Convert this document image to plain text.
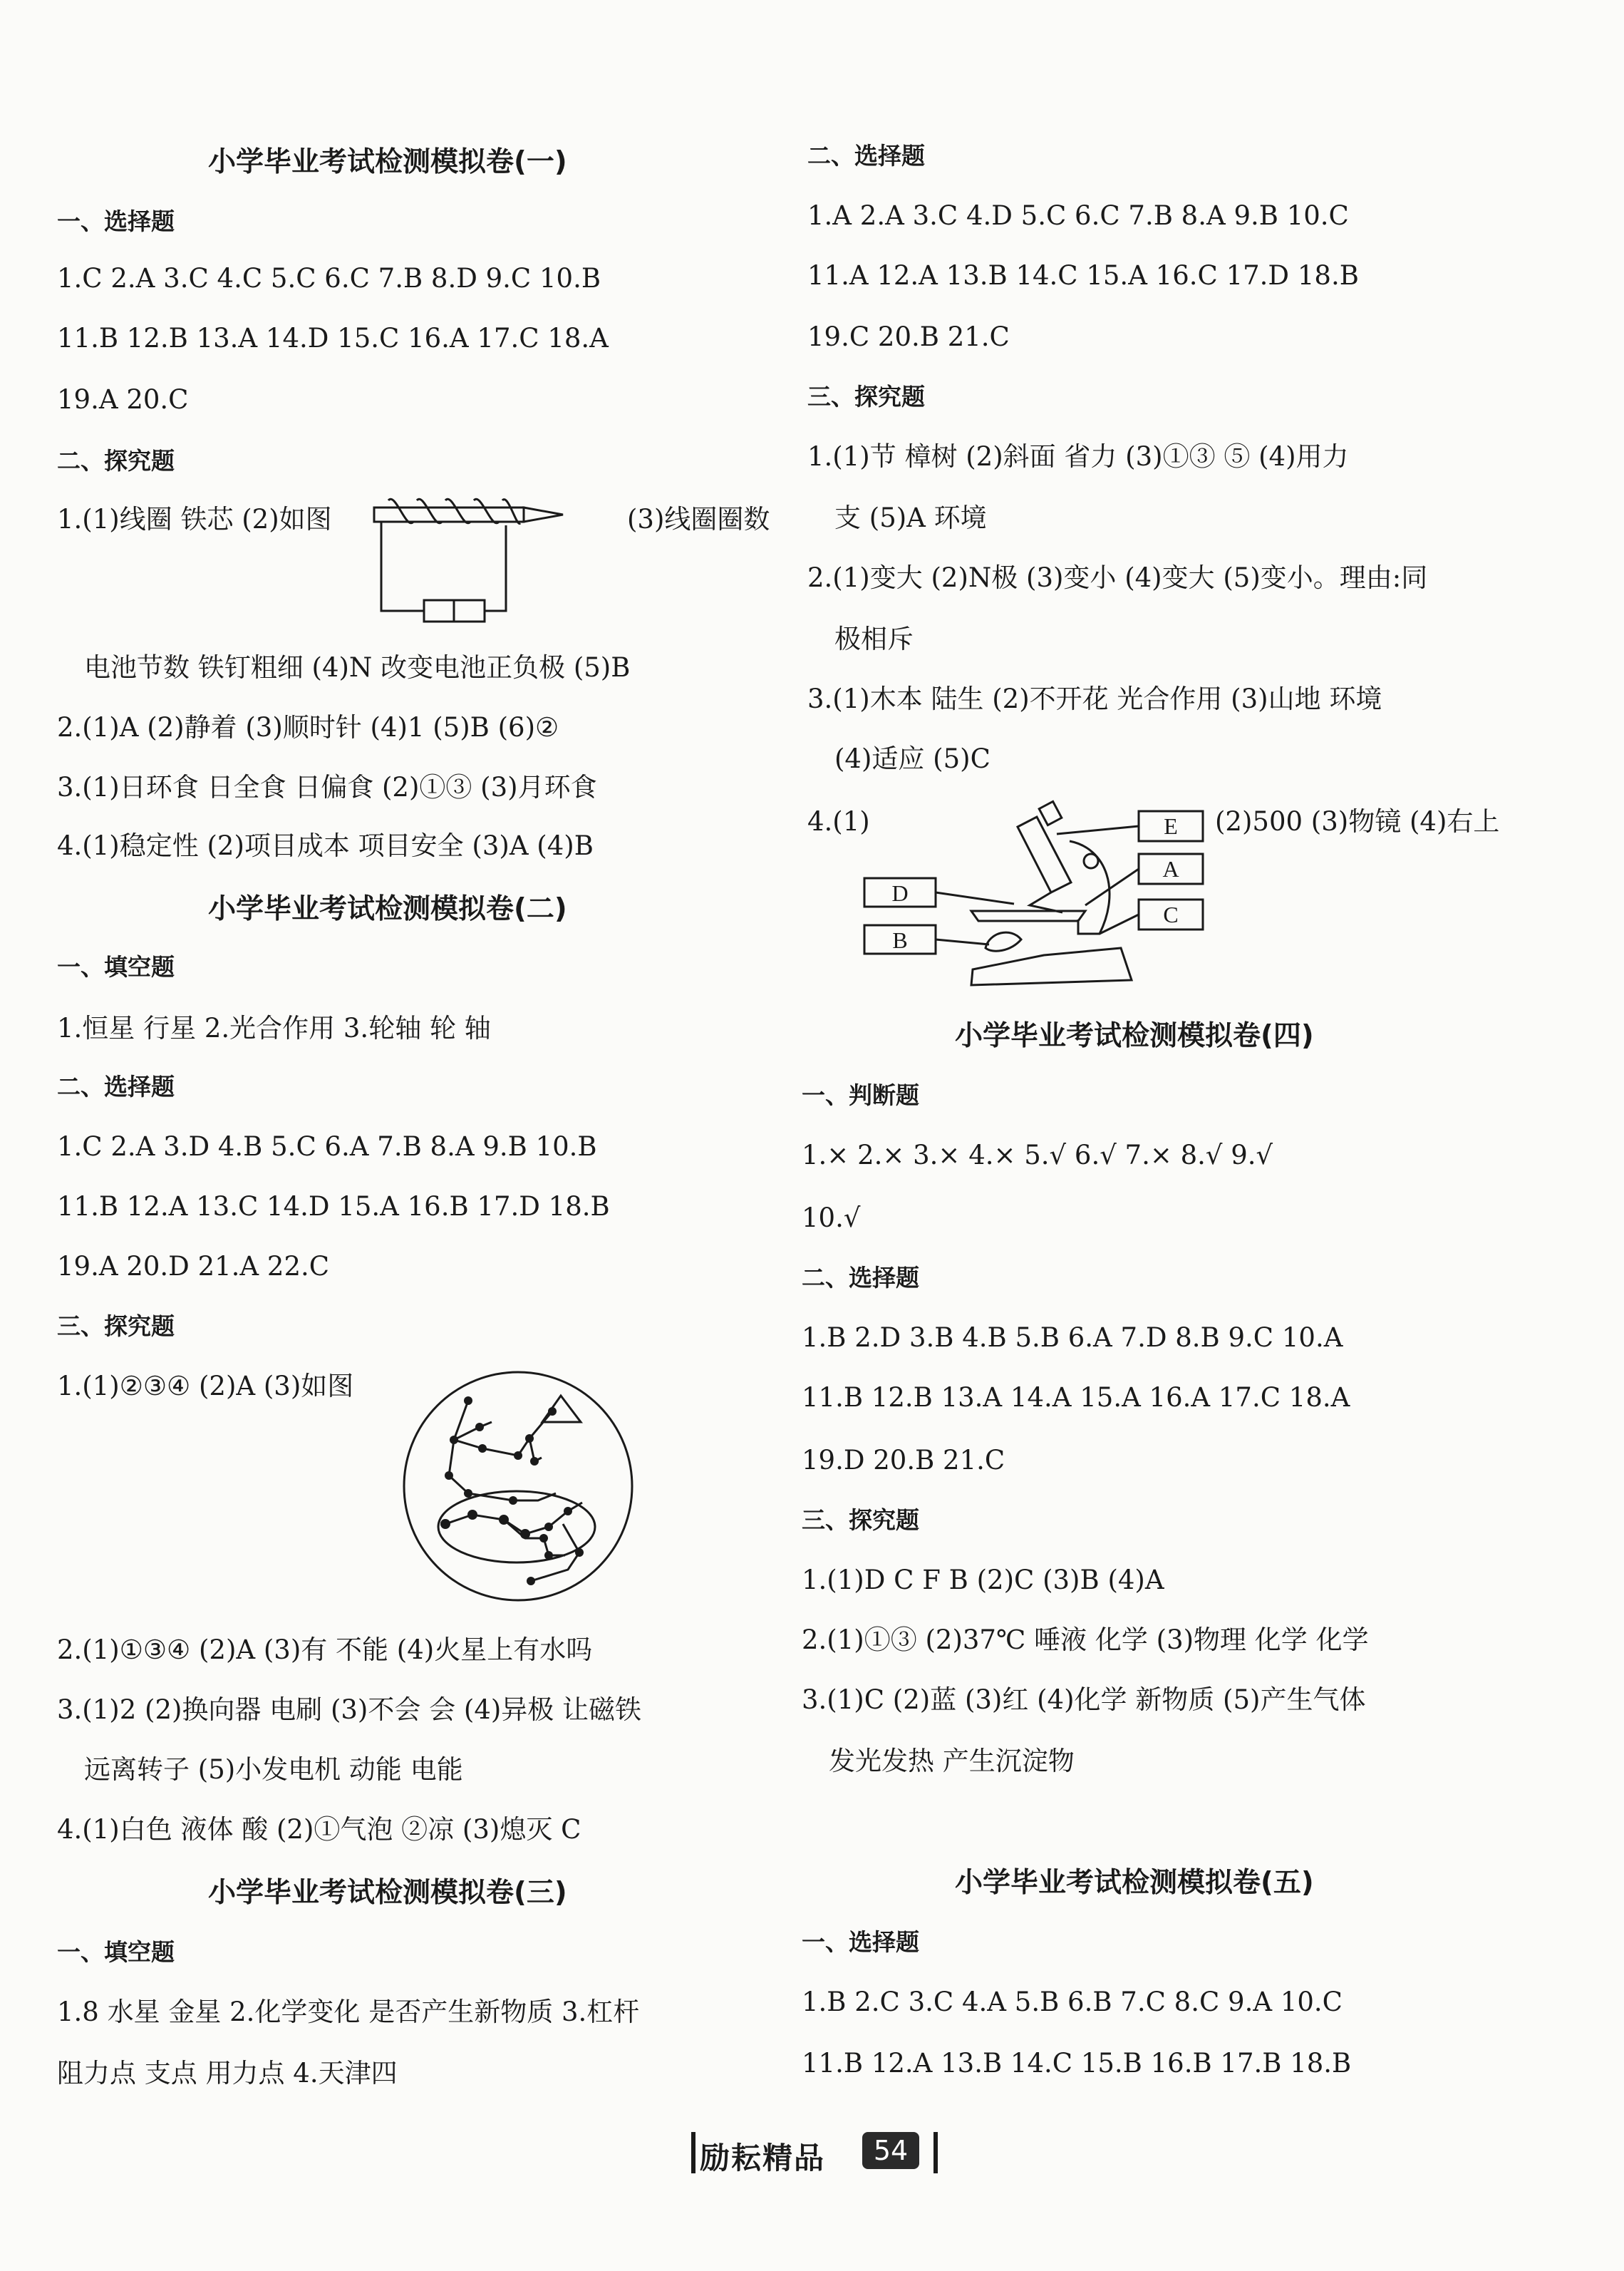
小学毕业考试检测模拟卷(一)
一、选择题
1.C 2.A 3.C 4.C 5.C 6.C 7.B 8.D 9.C 10.B
11.B 12.B 13.A 14.D 15.C 16.A 17.C 18.A
19.A 20.C
二、探究题
1.(1)线圈 铁芯 (2)如图	(3)线圈圈数
电池节数 铁钉粗细 (4)N 改变电池正负极 (5)B
2.(1)A (2)静着 (3)顺时针 (4)1 (5)B (6)②
3.(1)日环食 日全食 日偏食 (2)①③ (3)月环食
4.(1)稳定性 (2)项目成本 项目安全 (3)A (4)B
小学毕业考试检测模拟卷(二)
一、填空题
1.恒星 行星 2.光合作用 3.轮轴 轮 轴
二、选择题
1.C 2.A 3.D 4.B 5.C 6.A 7.B 8.A 9.B 10.B
11.B 12.A 13.C 14.D 15.A 16.B 17.D 18.B
19.A 20.D 21.A 22.C
三、探究题
1.(1)②③④ (2)A (3)如图
2.(1)①③④ (2)A (3)有 不能 (4)火星上有水吗
3.(1)2 (2)换向器 电刷 (3)不会 会 (4)异极 让磁铁
远离转子 (5)小发电机 动能 电能
4.(1)白色 液体 酸 (2)①气泡 ②凉 (3)熄灭 C
小学毕业考试检测模拟卷(三)
一、填空题
1.8 水星 金星 2.化学变化 是否产生新物质 3.杠杆
阻力点 支点 用力点 4.天津四
二、选择题
1.A 2.A 3.C 4.D 5.C 6.C 7.B 8.A 9.B 10.C
11.A 12.A 13.B 14.C 15.A 16.C 17.D 18.B
19.C 20.B 21.C
三、探究题
1.(1)节 樟树 (2)斜面 省力 (3)①③ ⑤ (4)用力
支 (5)A 环境
2.(1)变大 (2)N极 (3)变小 (4)变大 (5)变小。理由:同
极相斥
3.(1)木本 陆生 (2)不开花 光合作用 (3)山地 环境
(4)适应 (5)C
4.(1)
D
B
E
A
C
(2)500 (3)物镜 (4)右上
小学毕业考试检测模拟卷(四)
一、判断题
1.× 2.× 3.× 4.× 5.√ 6.√ 7.× 8.√ 9.√
10.√
二、选择题
1.B 2.D 3.B 4.B 5.B 6.A 7.D 8.B 9.C 10.A
11.B 12.B 13.A 14.A 15.A 16.A 17.C 18.A
19.D 20.B 21.C
三、探究题
1.(1)D C F B (2)C (3)B (4)A
2.(1)①③ (2)37℃ 唾液 化学 (3)物理 化学 化学
3.(1)C (2)蓝 (3)红 (4)化学 新物质 (5)产生气体
发光发热 产生沉淀物
小学毕业考试检测模拟卷(五)
一、选择题
1.B 2.C 3.C 4.A 5.B 6.B 7.C 8.C 9.A 10.C
11.B 12.A 13.B 14.C 15.B 16.B 17.B 18.B
励耘精品	54
